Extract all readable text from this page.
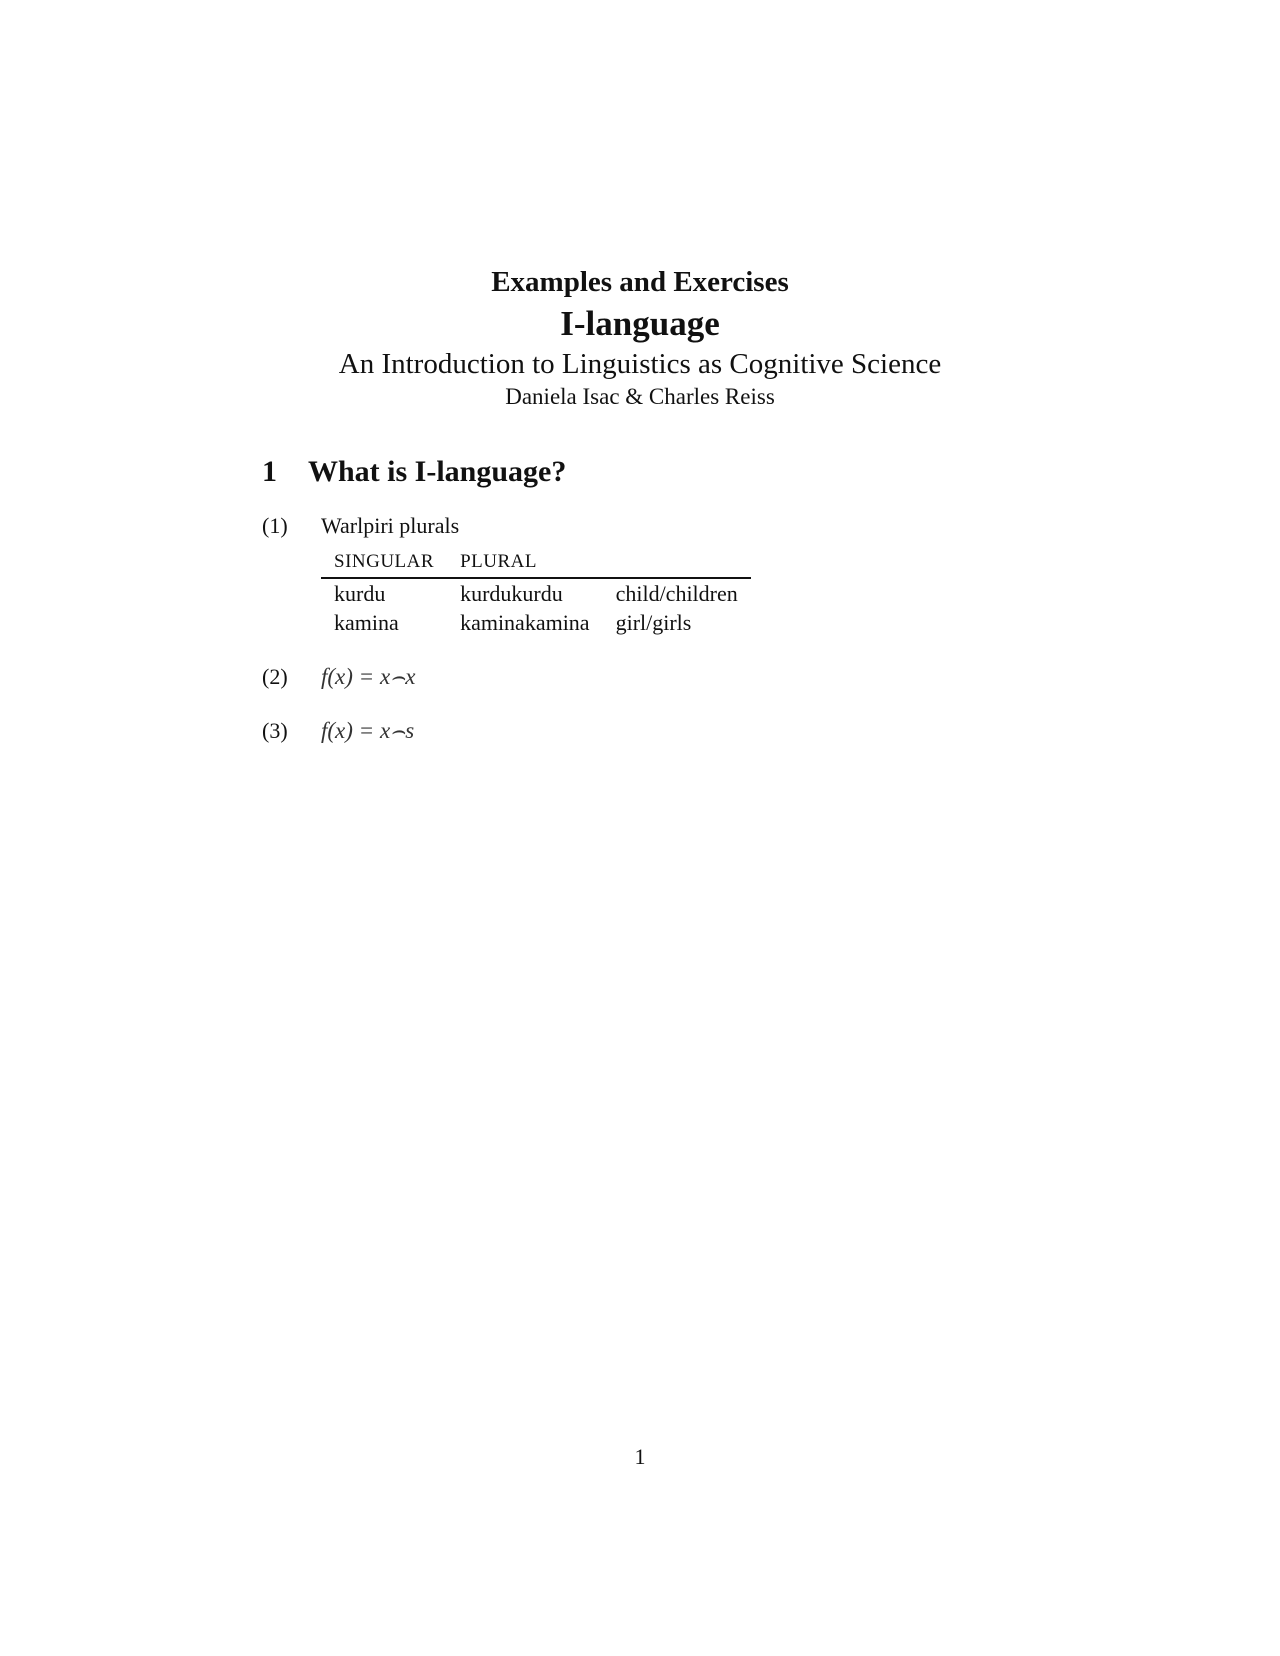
Examples and Exercises

I-language

An Introduction to Linguistics as Cognitive Science

Daniela Isac & Charles Reiss

1 What is I-language?
(1) Warlpiri plurals
SINGULAR	PLURAL	
kurdu	kurdukurdu	child/children
kamina	kaminakamina	girl/girls
(2) f(x) = x⌢x
(3) f(x) = x⌢s
1
